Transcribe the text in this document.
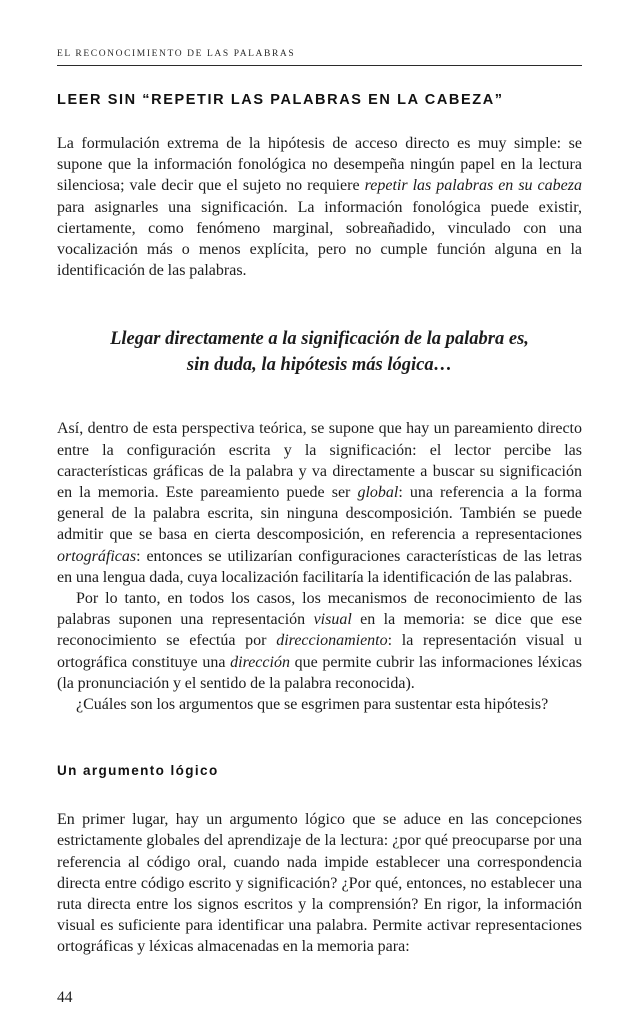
EL RECONOCIMIENTO DE LAS PALABRAS
LEER SIN “REPETIR LAS PALABRAS EN LA CABEZA”

La formulación extrema de la hipótesis de acceso directo es muy simple: se supone que la información fonológica no desempeña ningún papel en la lectura silenciosa; vale decir que el sujeto no requiere repetir las palabras en su cabeza para asignarles una significación. La información fonológica puede existir, ciertamente, como fenómeno marginal, sobreañadido, vinculado con una vocalización más o menos explícita, pero no cumple función alguna en la identificación de las palabras.

Llegar directamente a la significación de la palabra es,
sin duda, la hipótesis más lógica…

Así, dentro de esta perspectiva teórica, se supone que hay un pareamiento directo entre la configuración escrita y la significación: el lector percibe las características gráficas de la palabra y va directamente a buscar su significación en la memoria. Este pareamiento puede ser global: una referencia a la forma general de la palabra escrita, sin ninguna descomposición. También se puede admitir que se basa en cierta descomposición, en referencia a representaciones ortográficas: entonces se utilizarían configuraciones características de las letras en una lengua dada, cuya localización facilitaría la identificación de las palabras.

Por lo tanto, en todos los casos, los mecanismos de reconocimiento de las palabras suponen una representación visual en la memoria: se dice que ese reconocimiento se efectúa por direccionamiento: la representación visual u ortográfica constituye una dirección que permite cubrir las informaciones léxicas (la pronunciación y el sentido de la palabra reconocida).

¿Cuáles son los argumentos que se esgrimen para sustentar esta hipótesis?

Un argumento lógico

En primer lugar, hay un argumento lógico que se aduce en las concepciones estrictamente globales del aprendizaje de la lectura: ¿por qué preocuparse por una referencia al código oral, cuando nada impide establecer una correspondencia directa entre código escrito y significación? ¿Por qué, entonces, no establecer una ruta directa entre los signos escritos y la comprensión? En rigor, la información visual es suficiente para identificar una palabra. Permite activar representaciones ortográficas y léxicas almacenadas en la memoria para:

44
